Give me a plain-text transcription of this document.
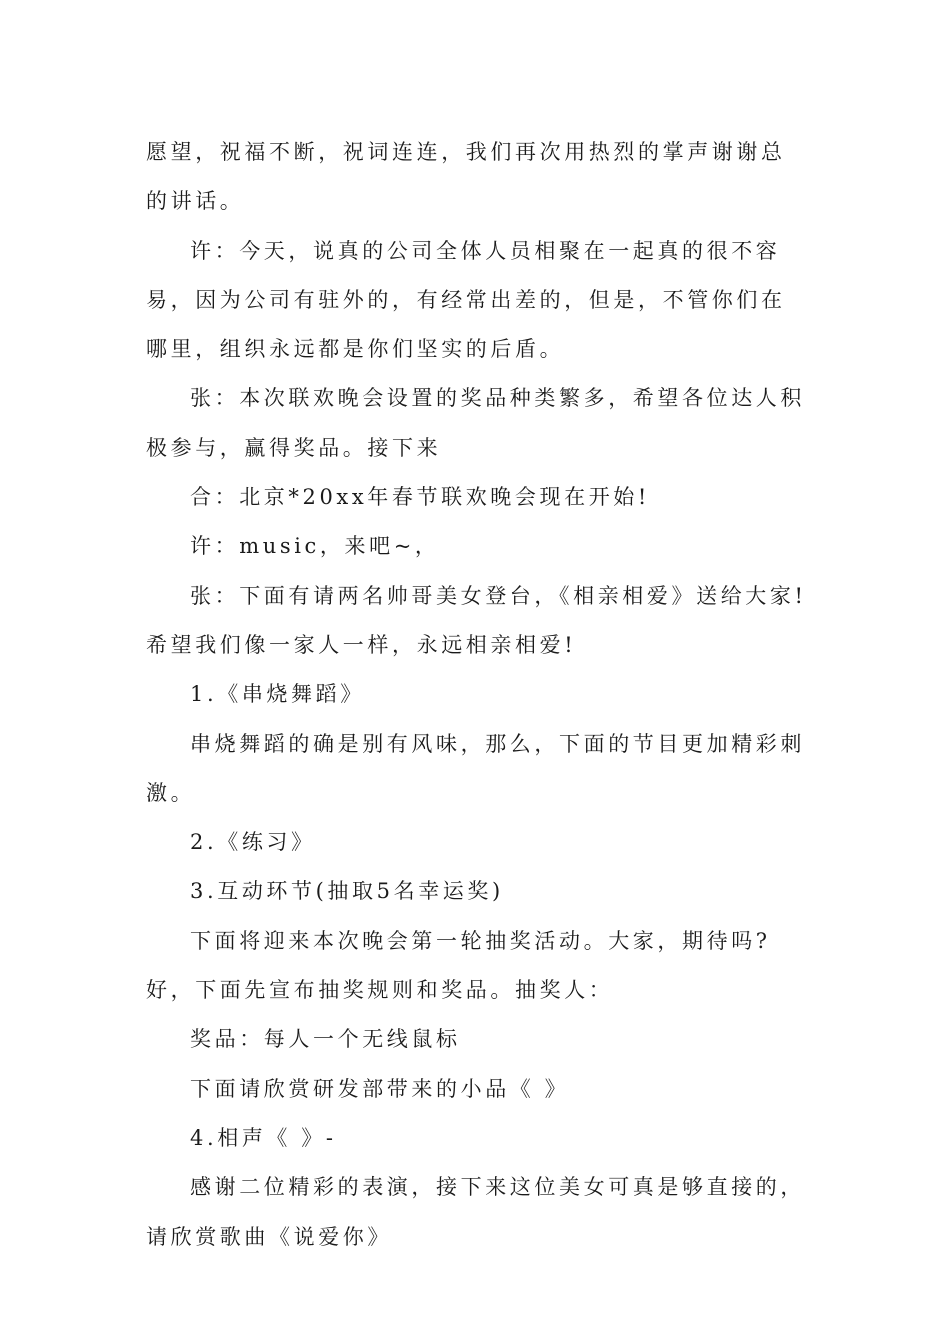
愿望，祝福不断，祝词连连，我们再次用热烈的掌声谢谢总的讲话。

许：今天，说真的公司全体人员相聚在一起真的很不容易，因为公司有驻外的，有经常出差的，但是，不管你们在哪里，组织永远都是你们坚实的后盾。

张：本次联欢晚会设置的奖品种类繁多，希望各位达人积极参与，赢得奖品。接下来

合：北京*20xx年春节联欢晚会现在开始!

许：music，来吧~，

张：下面有请两名帅哥美女登台，《相亲相爱》送给大家!希望我们像一家人一样，永远相亲相爱!

1.《串烧舞蹈》

串烧舞蹈的确是别有风味，那么，下面的节目更加精彩刺激。

2.《练习》

3.互动环节(抽取5名幸运奖)

下面将迎来本次晚会第一轮抽奖活动。大家，期待吗?好，下面先宣布抽奖规则和奖品。抽奖人：

奖品：每人一个无线鼠标

下面请欣赏研发部带来的小品《 》

4.相声《 》-

感谢二位精彩的表演，接下来这位美女可真是够直接的，请欣赏歌曲《说爱你》
